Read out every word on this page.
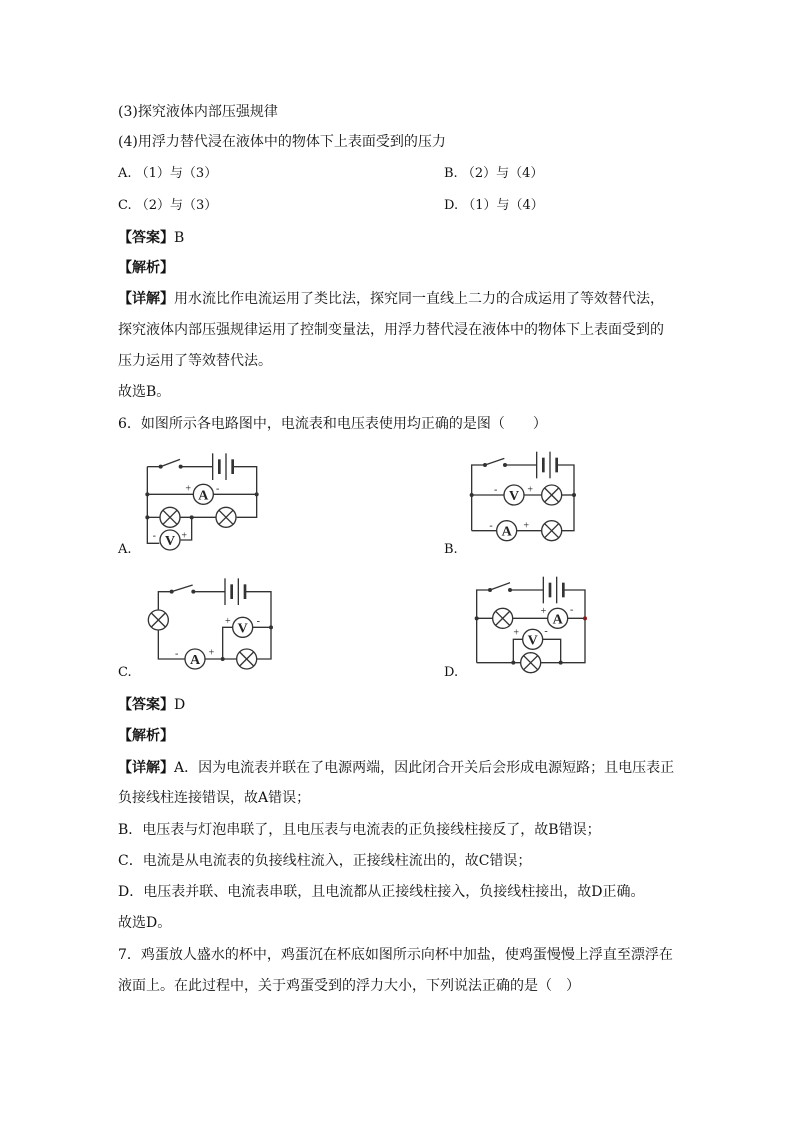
(3)探究液体内部压强规律
(4)用浮力替代浸在液体中的物体下上表面受到的压力
A. （1）与（3）	B. （2）与（4）
C. （2）与（3）	D. （1）与（4）
【答案】B
【解析】
【详解】用水流比作电流运用了类比法，探究同一直线上二力的合成运用了等效替代法，
探究液体内部压强规律运用了控制变量法，用浮力替代浸在液体中的物体下上表面受到的
压力运用了等效替代法。
故选B。
6．如图所示各电路图中，电流表和电压表使用均正确的是图（　　）
A
V
V
A
A
V
A
V
+ -
- +
- +
- +
- +
+ -
+ -
+ -
A.	B.
C.	D.
【答案】D
【解析】
【详解】A．因为电流表并联在了电源两端，因此闭合开关后会形成电源短路；且电压表正
负接线柱连接错误，故A错误；
B．电压表与灯泡串联了，且电压表与电流表的正负接线柱接反了，故B错误；
C．电流是从电流表的负接线柱流入，正接线柱流出的，故C错误；
D．电压表并联、电流表串联，且电流都从正接线柱接入，负接线柱接出，故D正确。
故选D。
7．鸡蛋放人盛水的杯中，鸡蛋沉在杯底如图所示向杯中加盐，使鸡蛋慢慢上浮直至漂浮在
液面上。在此过程中，关于鸡蛋受到的浮力大小，下列说法正确的是（　）
